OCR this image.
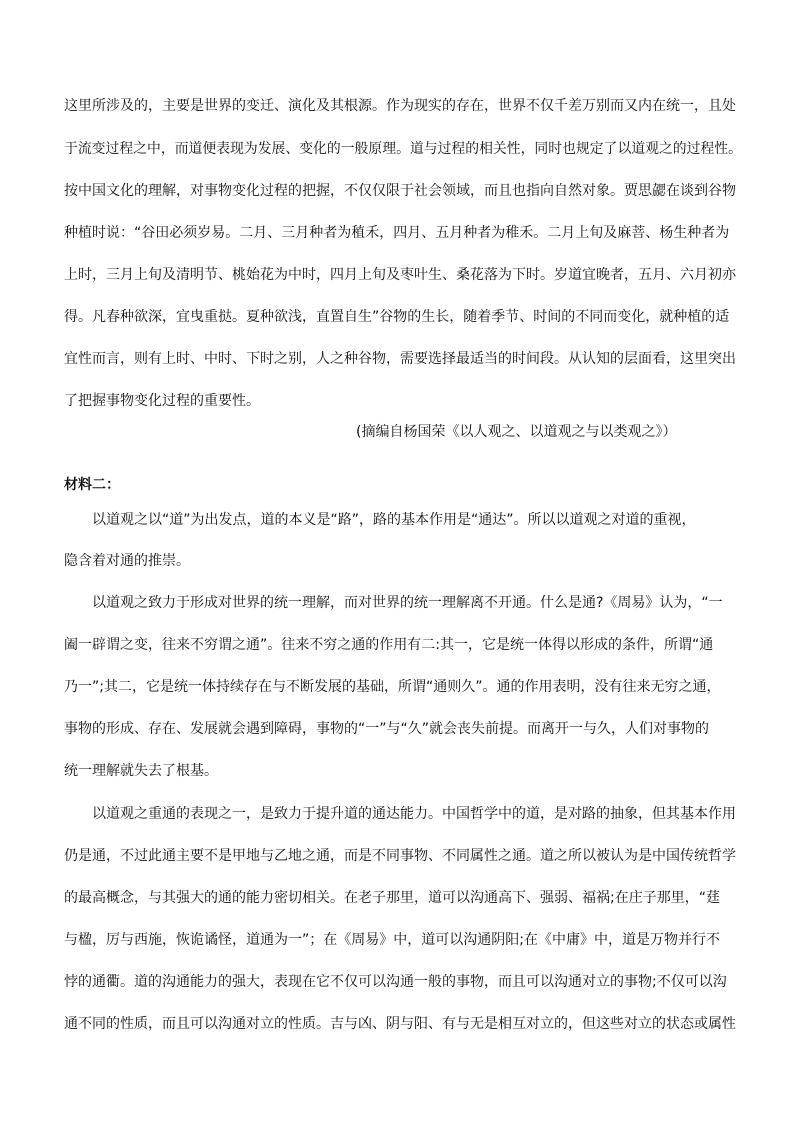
这里所涉及的，主要是世界的变迁、演化及其根源。作为现实的存在，世界不仅千差万别而又内在统一，且处
于流变过程之中，而道便表现为发展、变化的一般原理。道与过程的相关性，同时也规定了以道观之的过程性。
按中国文化的理解，对事物变化过程的把握，不仅仅限于社会领域，而且也指向自然对象。贾思勰在谈到谷物
种植时说：“谷田必须岁易。二月、三月种者为稙禾，四月、五月种者为稚禾。二月上旬及麻菩、杨生种者为
上时，三月上旬及清明节、桃始花为中时，四月上旬及枣叶生、桑花落为下时。岁道宜晚者，五月、六月初亦
得。凡春种欲深，宜曳重挞。夏种欲浅，直置自生”谷物的生长，随着季节、时间的不同而变化，就种植的适
宜性而言，则有上时、中时、下时之别，人之种谷物，需要选择最适当的时间段。从认知的层面看，这里突出
了把握事物变化过程的重要性。
(摘编自杨国荣《以人观之、以道观之与以类观之》）
材料二：
以道观之以“道”为出发点，道的本义是“路”，路的基本作用是“通达”。所以以道观之对道的重视，
隐含着对通的推崇。
以道观之致力于形成对世界的统一理解，而对世界的统一理解离不开通。什么是通?《周易》认为，“一
阖一辟谓之变，往来不穷谓之通”。往来不穷之通的作用有二:其一，它是统一体得以形成的条件，所谓“通
乃一”;其二，它是统一体持续存在与不断发展的基础，所谓“通则久”。通的作用表明，没有往来无穷之通，
事物的形成、存在、发展就会遇到障碍，事物的“一”与“久”就会丧失前提。而离开一与久，人们对事物的
统一理解就失去了根基。
以道观之重通的表现之一，是致力于提升道的通达能力。中国哲学中的道，是对路的抽象，但其基本作用
仍是通，不过此通主要不是甲地与乙地之通，而是不同事物、不同属性之通。道之所以被认为是中国传统哲学
的最高概念，与其强大的通的能力密切相关。在老子那里，道可以沟通高下、强弱、福祸;在庄子那里，“莛
与楹，厉与西施，恢诡谲怪，道通为一”；在《周易》中，道可以沟通阴阳;在《中庸》中，道是万物并行不
悖的通衢。道的沟通能力的强大，表现在它不仅可以沟通一般的事物，而且可以沟通对立的事物;不仅可以沟
通不同的性质，而且可以沟通对立的性质。吉与凶、阴与阳、有与无是相互对立的，但这些对立的状态或属性
